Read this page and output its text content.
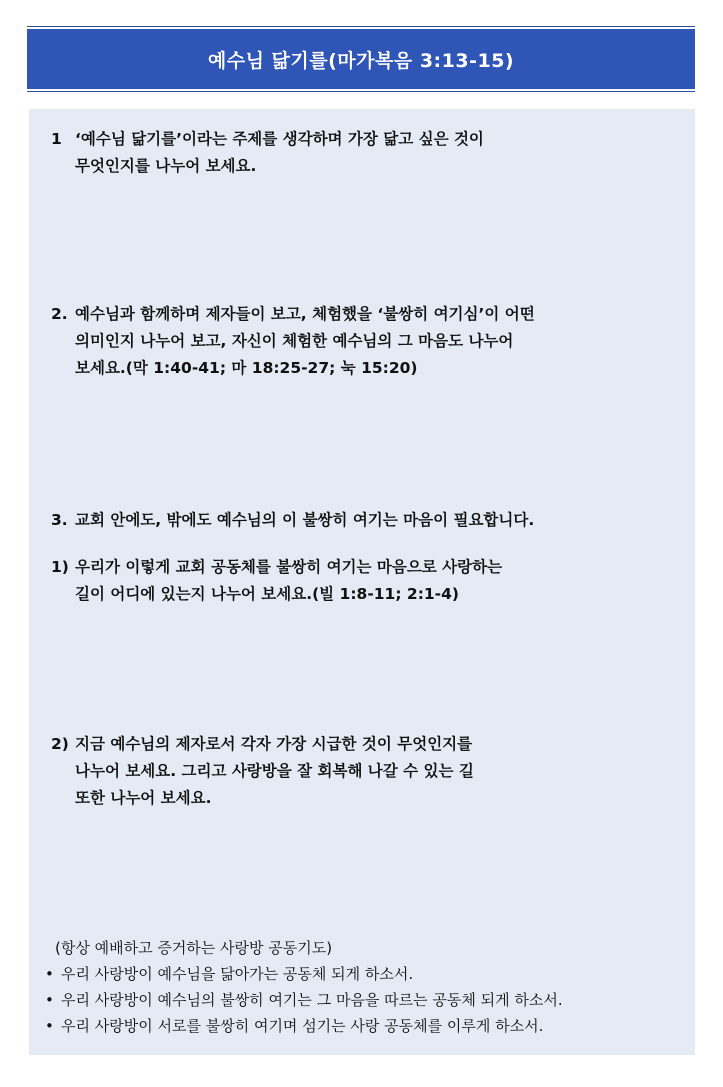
예수님 닮기를(마가복음 3:13-15)
1 ‘예수님 닮기를’이라는 주제를 생각하며 가장 닮고 싶은 것이
무엇인지를 나누어 보세요.
2. 예수님과 함께하며 제자들이 보고, 체험했을 ‘불쌍히 여기심’이 어떤
의미인지 나누어 보고, 자신이 체험한 예수님의 그 마음도 나누어
보세요.(막 1:40-41; 마 18:25-27; 눅 15:20)
3. 교회 안에도, 밖에도 예수님의 이 불쌍히 여기는 마음이 필요합니다.
1) 우리가 이렇게 교회 공동체를 불쌍히 여기는 마음으로 사랑하는
길이 어디에 있는지 나누어 보세요.(빌 1:8-11; 2:1-4)
2) 지금 예수님의 제자로서 각자 가장 시급한 것이 무엇인지를
나누어 보세요. 그리고 사랑방을 잘 회복해 나갈 수 있는 길
또한 나누어 보세요.
(항상 예배하고 증거하는 사랑방 공동기도)
• 우리 사랑방이 예수님을 닮아가는 공동체 되게 하소서.
• 우리 사랑방이 예수님의 불쌍히 여기는 그 마음을 따르는 공동체 되게 하소서.
• 우리 사랑방이 서로를 불쌍히 여기며 섬기는 사랑 공동체를 이루게 하소서.
